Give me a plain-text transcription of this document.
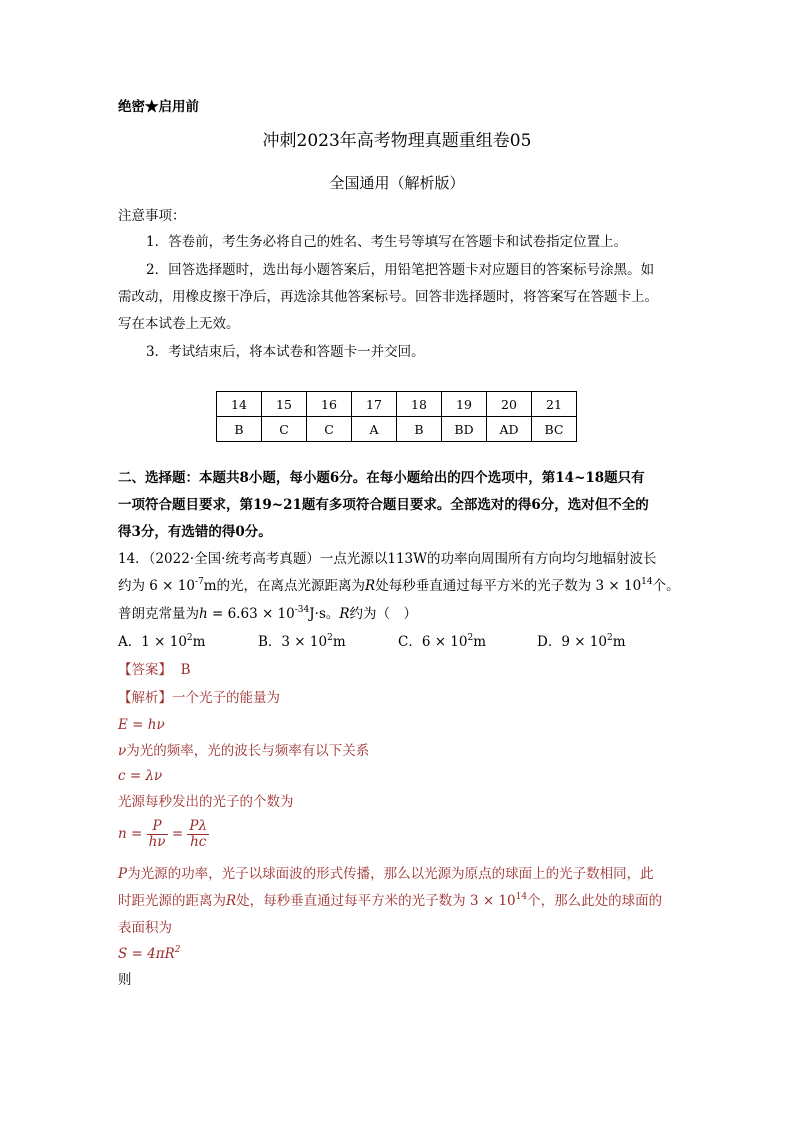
绝密★启用前
冲刺2023年高考物理真题重组卷05
全国通用（解析版）
注意事项：
1．答卷前，考生务必将自己的姓名、考生号等填写在答题卡和试卷指定位置上。
2．回答选择题时，选出每小题答案后，用铅笔把答题卡对应题目的答案标号涂黑。如
需改动，用橡皮擦干净后，再选涂其他答案标号。回答非选择题时，将答案写在答题卡上。
写在本试卷上无效。
3．考试结束后，将本试卷和答题卡一并交回。
14	15	16	17	18	19	20	21
B	C	C	A	B	BD	AD	BC
二、选择题：本题共8小题，每小题6分。在每小题给出的四个选项中，第14~18题只有
一项符合题目要求，第19~21题有多项符合题目要求。全部选对的得6分，选对但不全的
得3分，有选错的得0分。
14．（2022·全国·统考高考真题）一点光源以113W的功率向周围所有方向均匀地辐射波长
约为 $6 \times 10^{-7}m$的光，在离点光源距离为R处每秒垂直通过每平方米的光子数为 $3 \times 10^{14}$个。
普朗克常量为$h = 6.63 \times 10^{-34}J\cdot s$。R约为（　）
A．$1 \times 10^2m$	B．$3 \times 10^2m$	C．$6 \times 10^2m$	D．$9 \times 10^2m$
【答案】 B
【解析】一个光子的能量为
E = hν
ν为光的频率，光的波长与频率有以下关系
c = λν
光源每秒发出的光子的个数为
$n = \frac{P}{h\nu} = \frac{P\lambda}{hc}$
P为光源的功率，光子以球面波的形式传播，那么以光源为原点的球面上的光子数相同，此
时距光源的距离为R处，每秒垂直通过每平方米的光子数为 $3 \times 10^{14}$个，那么此处的球面的
表面积为
$S = 4\pi R^2$
则
